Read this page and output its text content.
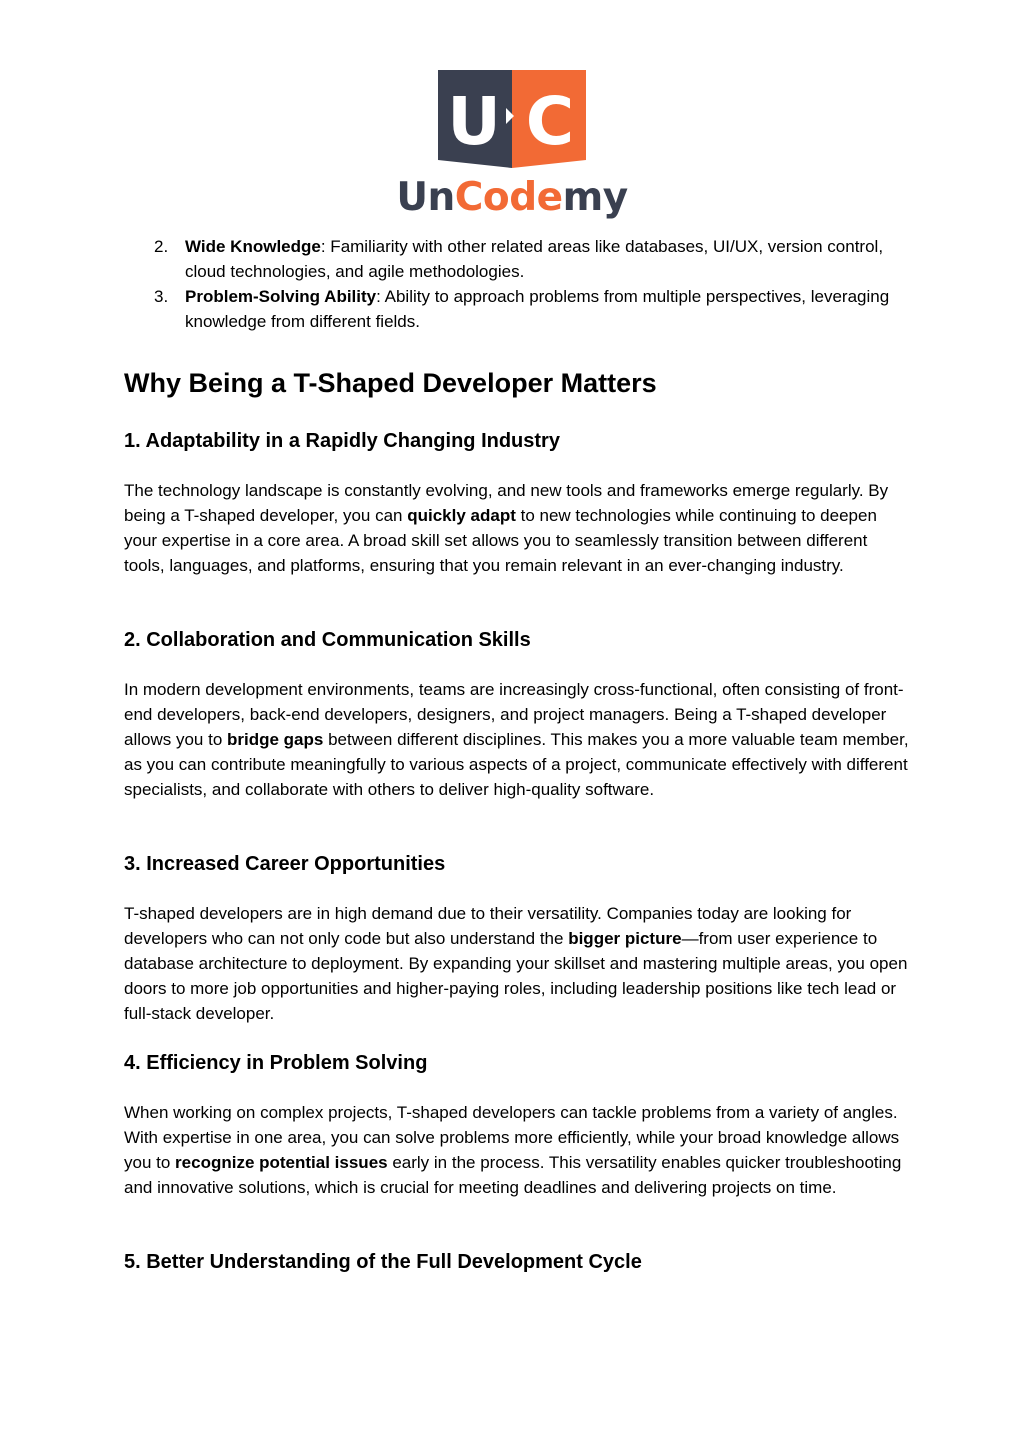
U C
UnCodemy
2. Wide Knowledge: Familiarity with other related areas like databases, UI/UX, version control, cloud technologies, and agile methodologies.
3. Problem-Solving Ability: Ability to approach problems from multiple perspectives, leveraging knowledge from different fields.
Why Being a T-Shaped Developer Matters
1. Adaptability in a Rapidly Changing Industry

The technology landscape is constantly evolving, and new tools and frameworks emerge regularly. By being a T-shaped developer, you can quickly adapt to new technologies while continuing to deepen your expertise in a core area. A broad skill set allows you to seamlessly transition between different tools, languages, and platforms, ensuring that you remain relevant in an ever-changing industry.

2. Collaboration and Communication Skills

In modern development environments, teams are increasingly cross-functional, often consisting of front-end developers, back-end developers, designers, and project managers. Being a T-shaped developer allows you to bridge gaps between different disciplines. This makes you a more valuable team member, as you can contribute meaningfully to various aspects of a project, communicate effectively with different specialists, and collaborate with others to deliver high-quality software.

3. Increased Career Opportunities

T-shaped developers are in high demand due to their versatility. Companies today are looking for developers who can not only code but also understand the bigger picture—from user experience to database architecture to deployment. By expanding your skillset and mastering multiple areas, you open doors to more job opportunities and higher-paying roles, including leadership positions like tech lead or full-stack developer.

4. Efficiency in Problem Solving

When working on complex projects, T-shaped developers can tackle problems from a variety of angles. With expertise in one area, you can solve problems more efficiently, while your broad knowledge allows you to recognize potential issues early in the process. This versatility enables quicker troubleshooting and innovative solutions, which is crucial for meeting deadlines and delivering projects on time.

5. Better Understanding of the Full Development Cycle
